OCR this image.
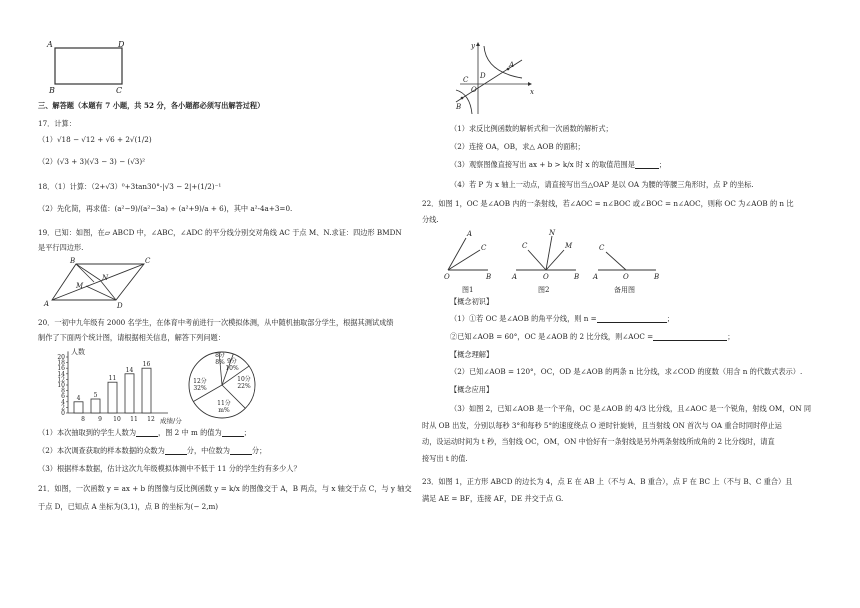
A	D
B	C
三、解答题（本题有 7 小题，共 52 分，各小题都必须写出解答过程）
17．计算：
（1）√18 − √12 + √6 + 2√(1/2)
（2）(√3 + 3)(√3 − 3) − (√3)²
18．（1）计算：（2+√3）⁰+3tan30°-|√3 − 2|+(1/2)⁻¹
（2）先化简，再求值：(a²−9)/(a²−3a) ÷ (a²+9)/a + 6)，其中 a²-4a+3=0.
19．已知：如图，在▱ ABCD 中，∠ABC，∠ADC 的平分线分别交对角线 AC 于点 M、N.求证：四边形 BMDN
是平行四边形.
B	C
A	D
M
N
20．一初中九年级有 2000 名学生，在体育中考前进行一次模拟体测，从中随机抽取部分学生，根据其测试成绩
制作了下面两个统计图，请根据相关信息，解答下列问题：
人数
成绩/分
0
2
4
6
8
10
12
14
16
18
20
4
8
5
9
11
10
14
11
16
12
8分
8% 9分
10%
10分
22%
11分
m%
12分
32%
（1）本次抽取到的学生人数为	，图 2 中 m 的值为	；
（2）本次调查获取的样本数据的众数为	分，中位数为	分；
（3）根据样本数据，估计这次九年级模拟体测中不低于 11 分的学生约有多少人？
21．如图，一次函数 y = ax + b 的图像与反比例函数 y = k/x 的图像交于 A，B 两点，与 x 轴交于点 C，与 y 轴交
于点 D，已知点 A 坐标为(3,1)，点 B 的坐标为(− 2,m)
y
x
O
A
B
C D
（1）求反比例函数的解析式和一次函数的解析式；
（2）连接 OA，OB，求△ AOB 的面积；
（3）观察图像直接写出 ax + b > k/x 时 x 的取值范围是	；
（4）若 P 为 x 轴上一动点，请直接写出当△OAP 是以 OA 为腰的等腰三角形时，点 P 的坐标.
22．如图 1，OC 是∠AOB 内的一条射线，若∠AOC = n∠BOC 或∠BOC = n∠AOC，则称 OC 为∠AOB 的 n 比
分线.
O	B
A
C
A	O	B
C
N
M
A	O	B
C
图1	图2	备用图
【概念初识】
（1）①若 OC 是∠AOB 的角平分线，则 n =	；
②已知∠AOB = 60°，OC 是∠AOB 的 2 比分线，则∠AOC =	；
【概念理解】
（2）已知∠AOB = 120°，OC，OD 是∠AOB 的两条 n 比分线，求∠COD 的度数（用含 n 的代数式表示）.
【概念应用】
（3）如图 2，已知∠AOB 是一个平角，OC 是∠AOB 的 4/3 比分线，且∠AOC 是一个锐角，射线 OM，ON 同
时从 OB 出发，分别以每秒 3°和每秒 5°的速度绕点 O 逆时针旋转，且当射线 ON 首次与 OA 重合时同时停止运
动，设运动时间为 t 秒，当射线 OC，OM，ON 中恰好有一条射线是另外两条射线所成角的 2 比分线时，请直
接写出 t 的值.
23．如图 1，正方形 ABCD 的边长为 4，点 E 在 AB 上（不与 A、B 重合），点 F 在 BC 上（不与 B、C 重合）且
满足 AE = BF，连接 AF，DE 并交于点 G.
